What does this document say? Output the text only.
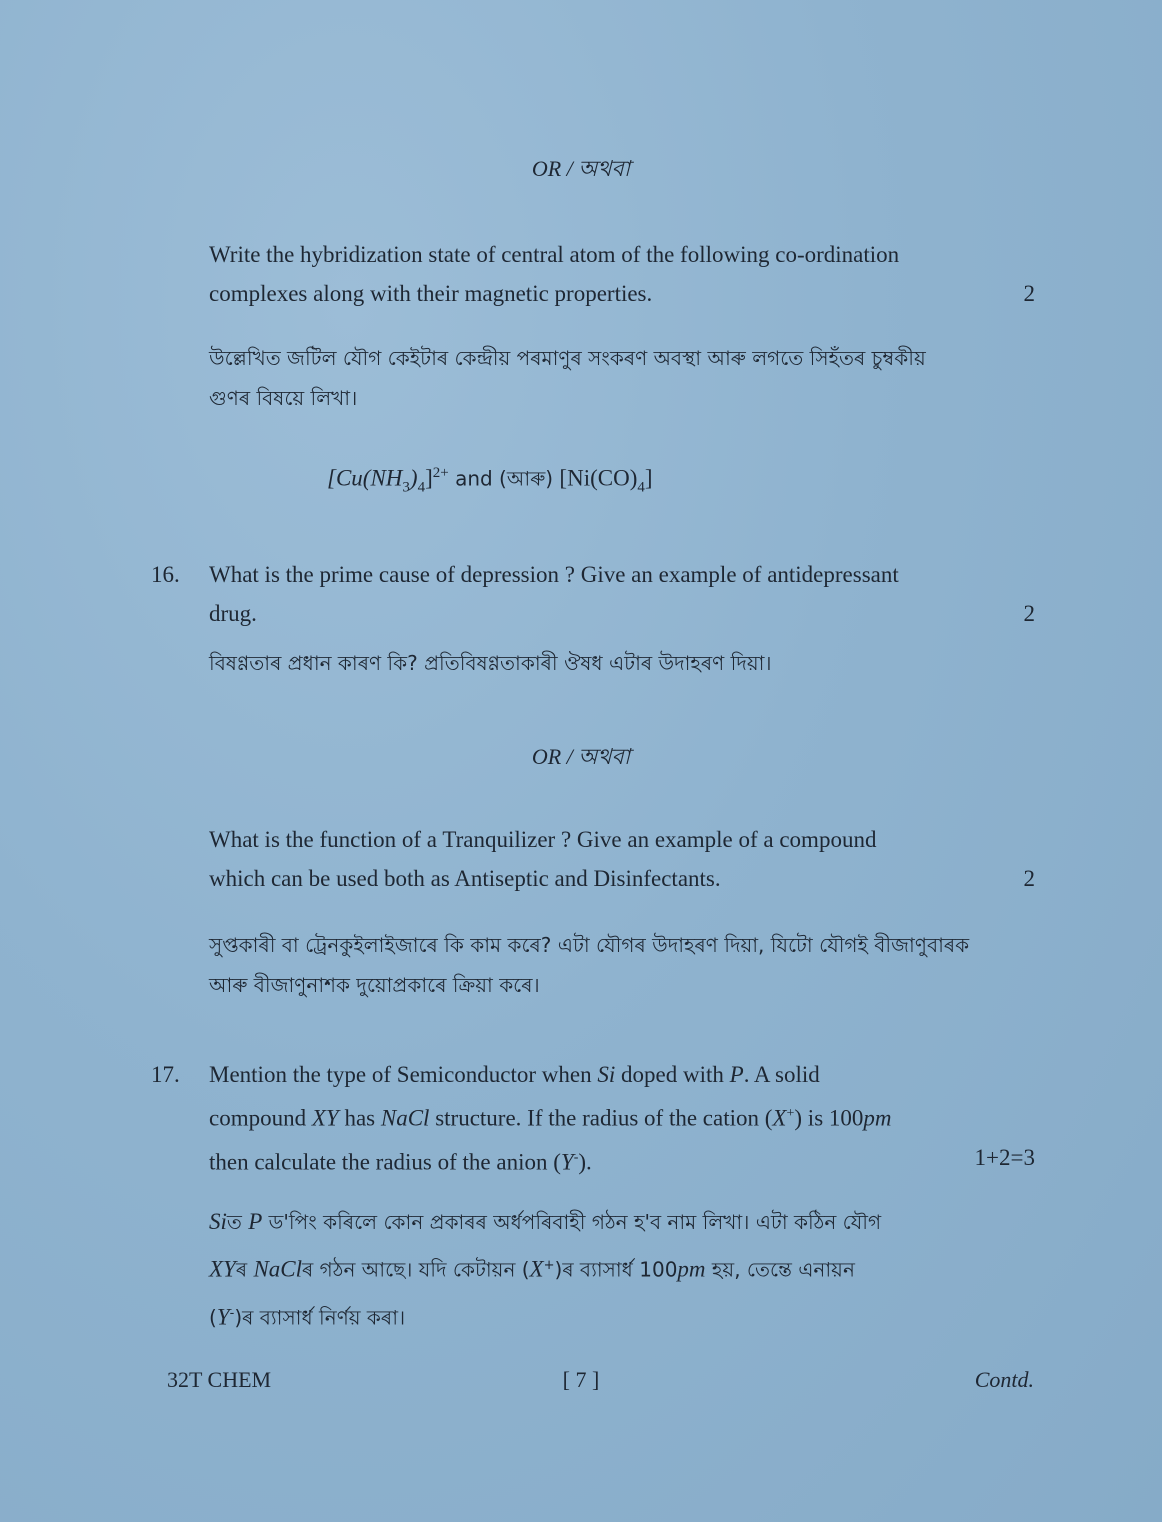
OR / অথবা
Write the hybridization state of central atom of the following co-ordination
complexes along with their magnetic properties.	2
উল্লেখিত জটিল যৌগ কেইটাৰ কেন্দ্ৰীয় পৰমাণুৰ সংকৰণ অবস্থা আৰু লগতে সিহঁতৰ চুম্বকীয়
গুণৰ বিষয়ে লিখা।
$[Cu(NH_3)_4]^{2+}$ and (আৰু) $[Ni(CO)_4]$
16. What is the prime cause of depression ? Give an example of antidepressant
drug.	2
বিষণ্ণতাৰ প্ৰধান কাৰণ কি? প্ৰতিবিষণ্ণতাকাৰী ঔষধ এটাৰ উদাহৰণ দিয়া।
OR / অথবা
What is the function of a Tranquilizer ? Give an example of a compound
which can be used both as Antiseptic and Disinfectants.	2
সুপ্তকাৰী বা ট্ৰেনকুইলাইজাৰে কি কাম কৰে? এটা যৌগৰ উদাহৰণ দিয়া, যিটো যৌগই বীজাণুবাৰক
আৰু বীজাণুনাশক দুয়োপ্ৰকাৰে ক্ৰিয়া কৰে।
17. Mention the type of Semiconductor when Si doped with P. A solid
compound XY has NaCl structure. If the radius of the cation (X+) is 100pm
then calculate the radius of the anion (Y-).	1+2=3
Siত P ড'পিং কৰিলে কোন প্ৰকাৰৰ অৰ্ধপৰিবাহী গঠন হ'ব নাম লিখা। এটা কঠিন যৌগ
XYৰ NaClৰ গঠন আছে। যদি কেটায়ন (X+)ৰ ব্যাসাৰ্ধ 100pm হয়, তেন্তে এনায়ন
(Y-)ৰ ব্যাসাৰ্ধ নিৰ্ণয় কৰা।
32T CHEM	[ 7 ]	Contd.
